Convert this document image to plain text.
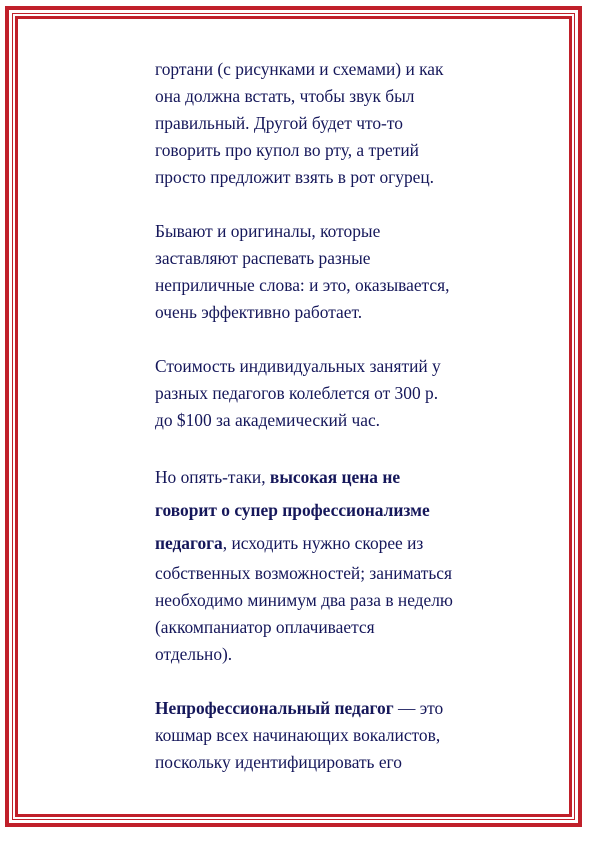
гортани (с рисунками и схемами) и как
она должна встать, чтобы звук был
правильный. Другой будет что-то
говорить про купол во рту, а третий
просто предложит взять в рот огурец.

Бывают и оригиналы, которые
заставляют распевать разные
неприличные слова: и это, оказывается,
очень эффективно работает.

Стоимость индивидуальных занятий у
разных педагогов колеблется от 300 р.
до $100 за академический час.

Но опять-таки, высокая цена не
говорит о супер профессионализме
педагога, исходить нужно скорее из
собственных возможностей; заниматься
необходимо минимум два раза в неделю
(аккомпаниатор оплачивается
отдельно).

Непрофессиональный педагог — это
кошмар всех начинающих вокалистов,
поскольку идентифицировать его
